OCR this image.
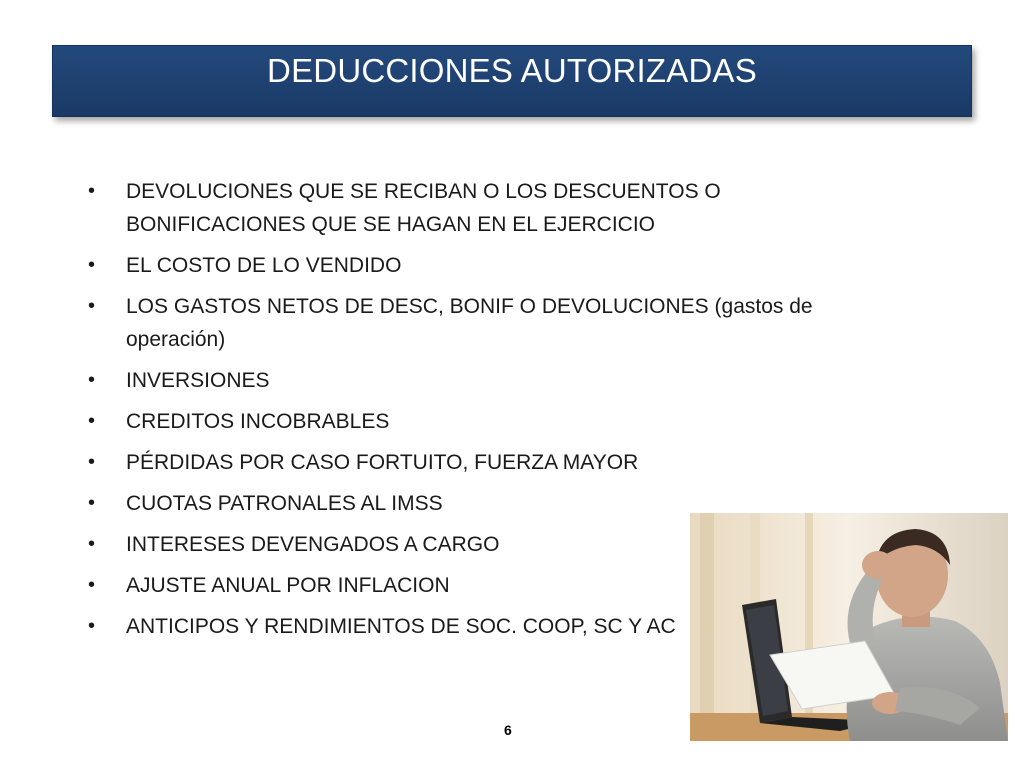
DEDUCCIONES AUTORIZADAS
• DEVOLUCIONES QUE SE RECIBAN O LOS DESCUENTOS O BONIFICACIONES QUE SE HAGAN EN EL EJERCICIO
• EL COSTO DE LO VENDIDO
• LOS GASTOS NETOS DE DESC, BONIF O DEVOLUCIONES (gastos de operación)
• INVERSIONES
• CREDITOS INCOBRABLES
• PÉRDIDAS POR CASO FORTUITO, FUERZA MAYOR
• CUOTAS PATRONALES AL IMSS
• INTERESES DEVENGADOS A CARGO
• AJUSTE ANUAL POR INFLACION
• ANTICIPOS Y RENDIMIENTOS DE SOC. COOP, SC Y AC
6
